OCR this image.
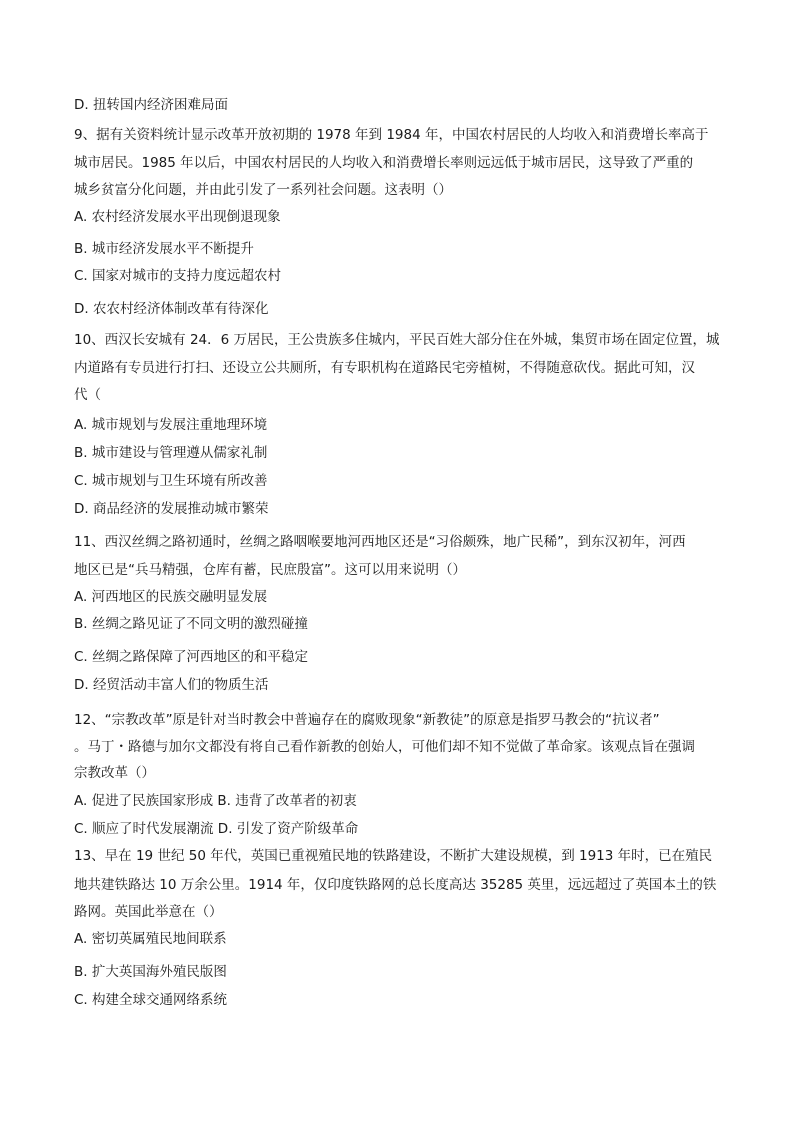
D. 扭转国内经济困难局面
9、据有关资料统计显示改革开放初期的 1978 年到 1984 年，中国农村居民的人均收入和消费增长率高于
城市居民。1985 年以后，中国农村居民的人均收入和消费增长率则远远低于城市居民，这导致了严重的
城乡贫富分化问题，并由此引发了一系列社会问题。这表明（）
A. 农村经济发展水平出现倒退现象
B. 城市经济发展水平不断提升
C. 国家对城市的支持力度远超农村
D. 农农村经济体制改革有待深化
10、西汉长安城有 24．6 万居民，王公贵族多住城内，平民百姓大部分住在外城，集贸市场在固定位置，城
内道路有专员进行打扫、还设立公共厕所，有专职机构在道路民宅旁植树，不得随意砍伐。据此可知，汉
代（
A. 城市规划与发展注重地理环境
B. 城市建设与管理遵从儒家礼制
C. 城市规划与卫生环境有所改善
D. 商品经济的发展推动城市繁荣
11、西汉丝绸之路初通时，丝绸之路咽喉要地河西地区还是“习俗颇殊，地广民稀”，到东汉初年，河西
地区已是“兵马精强，仓库有蓄，民庶殷富”。这可以用来说明（）
A. 河西地区的民族交融明显发展
B. 丝绸之路见证了不同文明的激烈碰撞
C. 丝绸之路保障了河西地区的和平稳定
D. 经贸活动丰富人们的物质生活
12、“宗教改革”原是针对当时教会中普遍存在的腐败现象“新教徒”的原意是指罗马教会的“抗议者”
。马丁・路德与加尔文都没有将自己看作新教的创始人，可他们却不知不觉做了革命家。该观点旨在强调
宗教改革（）
A. 促进了民族国家形成 B. 违背了改革者的初衷
C. 顺应了时代发展潮流 D. 引发了资产阶级革命
13、早在 19 世纪 50 年代，英国已重视殖民地的铁路建设，不断扩大建设规模，到 1913 年时，已在殖民
地共建铁路达 10 万余公里。1914 年，仅印度铁路网的总长度高达 35285 英里，远远超过了英国本土的铁
路网。英国此举意在（）
A. 密切英属殖民地间联系
B. 扩大英国海外殖民版图
C. 构建全球交通网络系统
